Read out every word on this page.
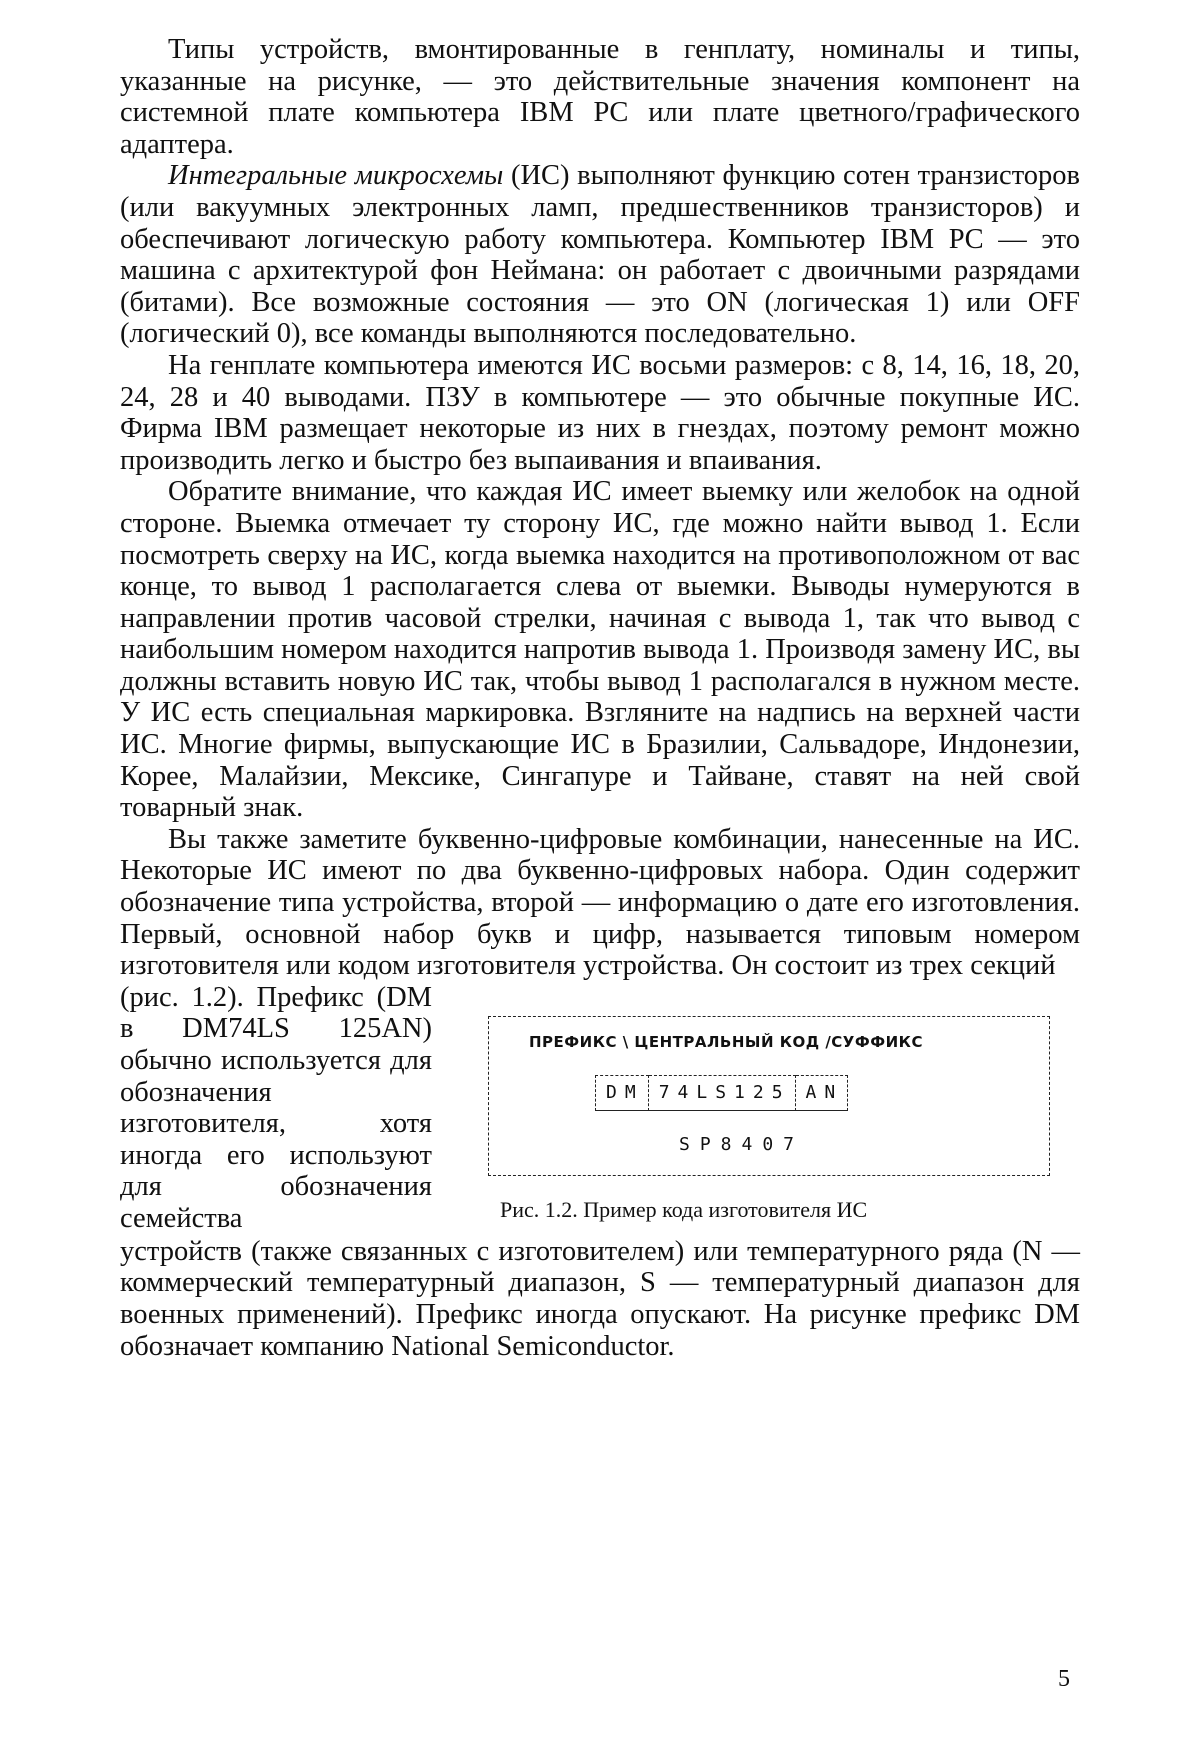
Типы устройств, вмонтированные в генплату, номиналы и типы, указанные на рисунке, — это действительные значения компонент на системной плате компьютера IBM PC или плате цветного/графического адаптера.

Интегральные микросхемы (ИС) выполняют функцию сотен транзисторов (или вакуумных электронных ламп, предшественников транзисторов) и обеспечивают логическую работу компьютера. Компьютер IBM PC — это машина с архитектурой фон Неймана: он работает с двоичными разрядами (битами). Все возможные состояния — это ON (логическая 1) или OFF (логический 0), все команды выполняются последовательно.

На генплате компьютера имеются ИС восьми размеров: с 8, 14, 16, 18, 20, 24, 28 и 40 выводами. ПЗУ в компьютере — это обычные покупные ИС. Фирма IBM размещает некоторые из них в гнездах, поэтому ремонт можно производить легко и быстро без выпаивания и впаивания.

Обратите внимание, что каждая ИС имеет выемку или желобок на одной стороне. Выемка отмечает ту сторону ИС, где можно найти вывод 1. Если посмотреть сверху на ИС, когда выемка находится на противоположном от вас конце, то вывод 1 располагается слева от выемки. Выводы нумеруются в направлении против часовой стрелки, начиная с вывода 1, так что вывод с наибольшим номером находится напротив вывода 1. Производя замену ИС, вы должны вставить новую ИС так, чтобы вывод 1 располагался в нужном месте. У ИС есть специальная маркировка. Взгляните на надпись на верхней части ИС. Многие фирмы, выпускающие ИС в Бразилии, Сальвадоре, Индонезии, Корее, Малайзии, Мексике, Сингапуре и Тайване, ставят на ней свой товарный знак.

Вы также заметите буквенно-цифровые комбинации, нанесенные на ИС. Некоторые ИС имеют по два буквенно-цифровых набора. Один содержит обозначение типа устройства, второй — информацию о дате его изготовления. Первый, основной набор букв и цифр, называется типовым номером изготовителя или кодом изготовителя устройства. Он состоит из трех секций

(рис. 1.2). Префикс (DM в DM74LS 125AN) обычно используется для обозначения изготовителя, хотя иногда его используют для обозначения семейства
ПРЕФИКС \ ЦЕНТРАЛЬНЫЙ КОД /СУФФИКС
DM 74LS125 AN
SP8407
Рис. 1.2. Пример кода изготовителя ИС

устройств (также связанных с изготовителем) или температурного ряда (N — коммерческий температурный диапазон, S — температурный диапазон для военных применений). Префикс иногда опускают. На рисунке префикс DM обозначает компанию National Semiconductor.

5
